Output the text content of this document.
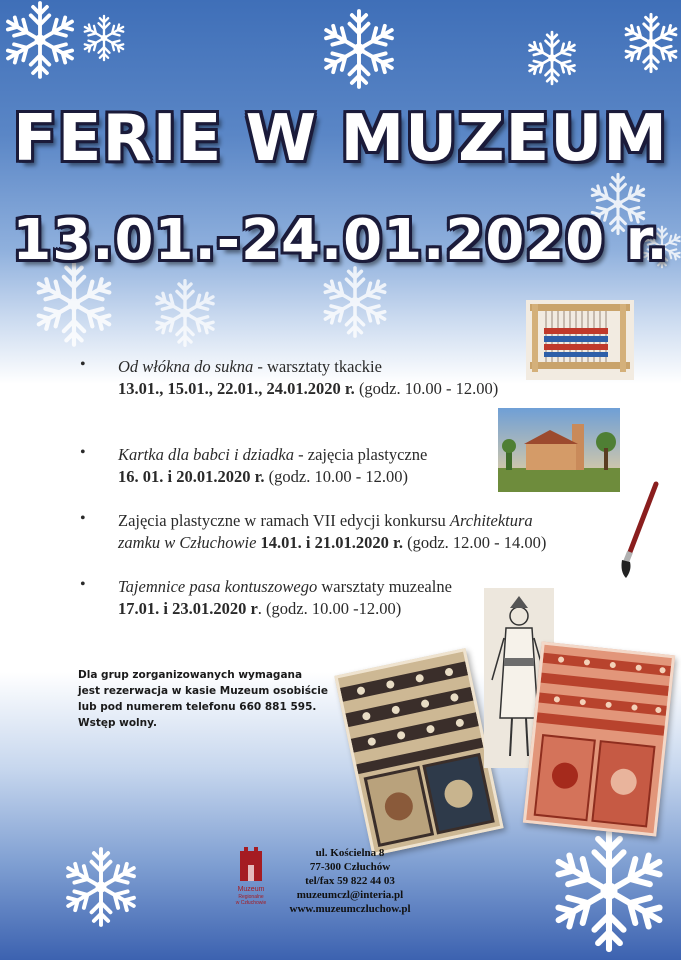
FERIE W MUZEUM
13.01.-24.01.2020 r.
• Od włókna do sukna - warsztaty tkackie
13.01., 15.01., 22.01., 24.01.2020 r. (godz. 10.00 - 12.00)
• Kartka dla babci i dziadka - zajęcia plastyczne
16. 01. i 20.01.2020 r. (godz. 10.00 - 12.00)
• Zajęcia plastyczne w ramach VII edycji konkursu Architektura
zamku w Człuchowie 14.01. i 21.01.2020 r. (godz. 12.00 - 14.00)
• Tajemnice pasa kontuszowego warsztaty muzealne
17.01. i 23.01.2020 r. (godz. 10.00 -12.00)
Dla grup zorganizowanych wymagana
jest rezerwacja w kasie Muzeum osobiście
lub pod numerem telefonu 660 881 595.
Wstęp wolny.
Muzeum
Regionalne
w Człuchowie
ul. Kościelna 8
77-300 Człuchów
tel/fax 59 822 44 03
muzeumczl@interia.pl
www.muzeumczluchow.pl
